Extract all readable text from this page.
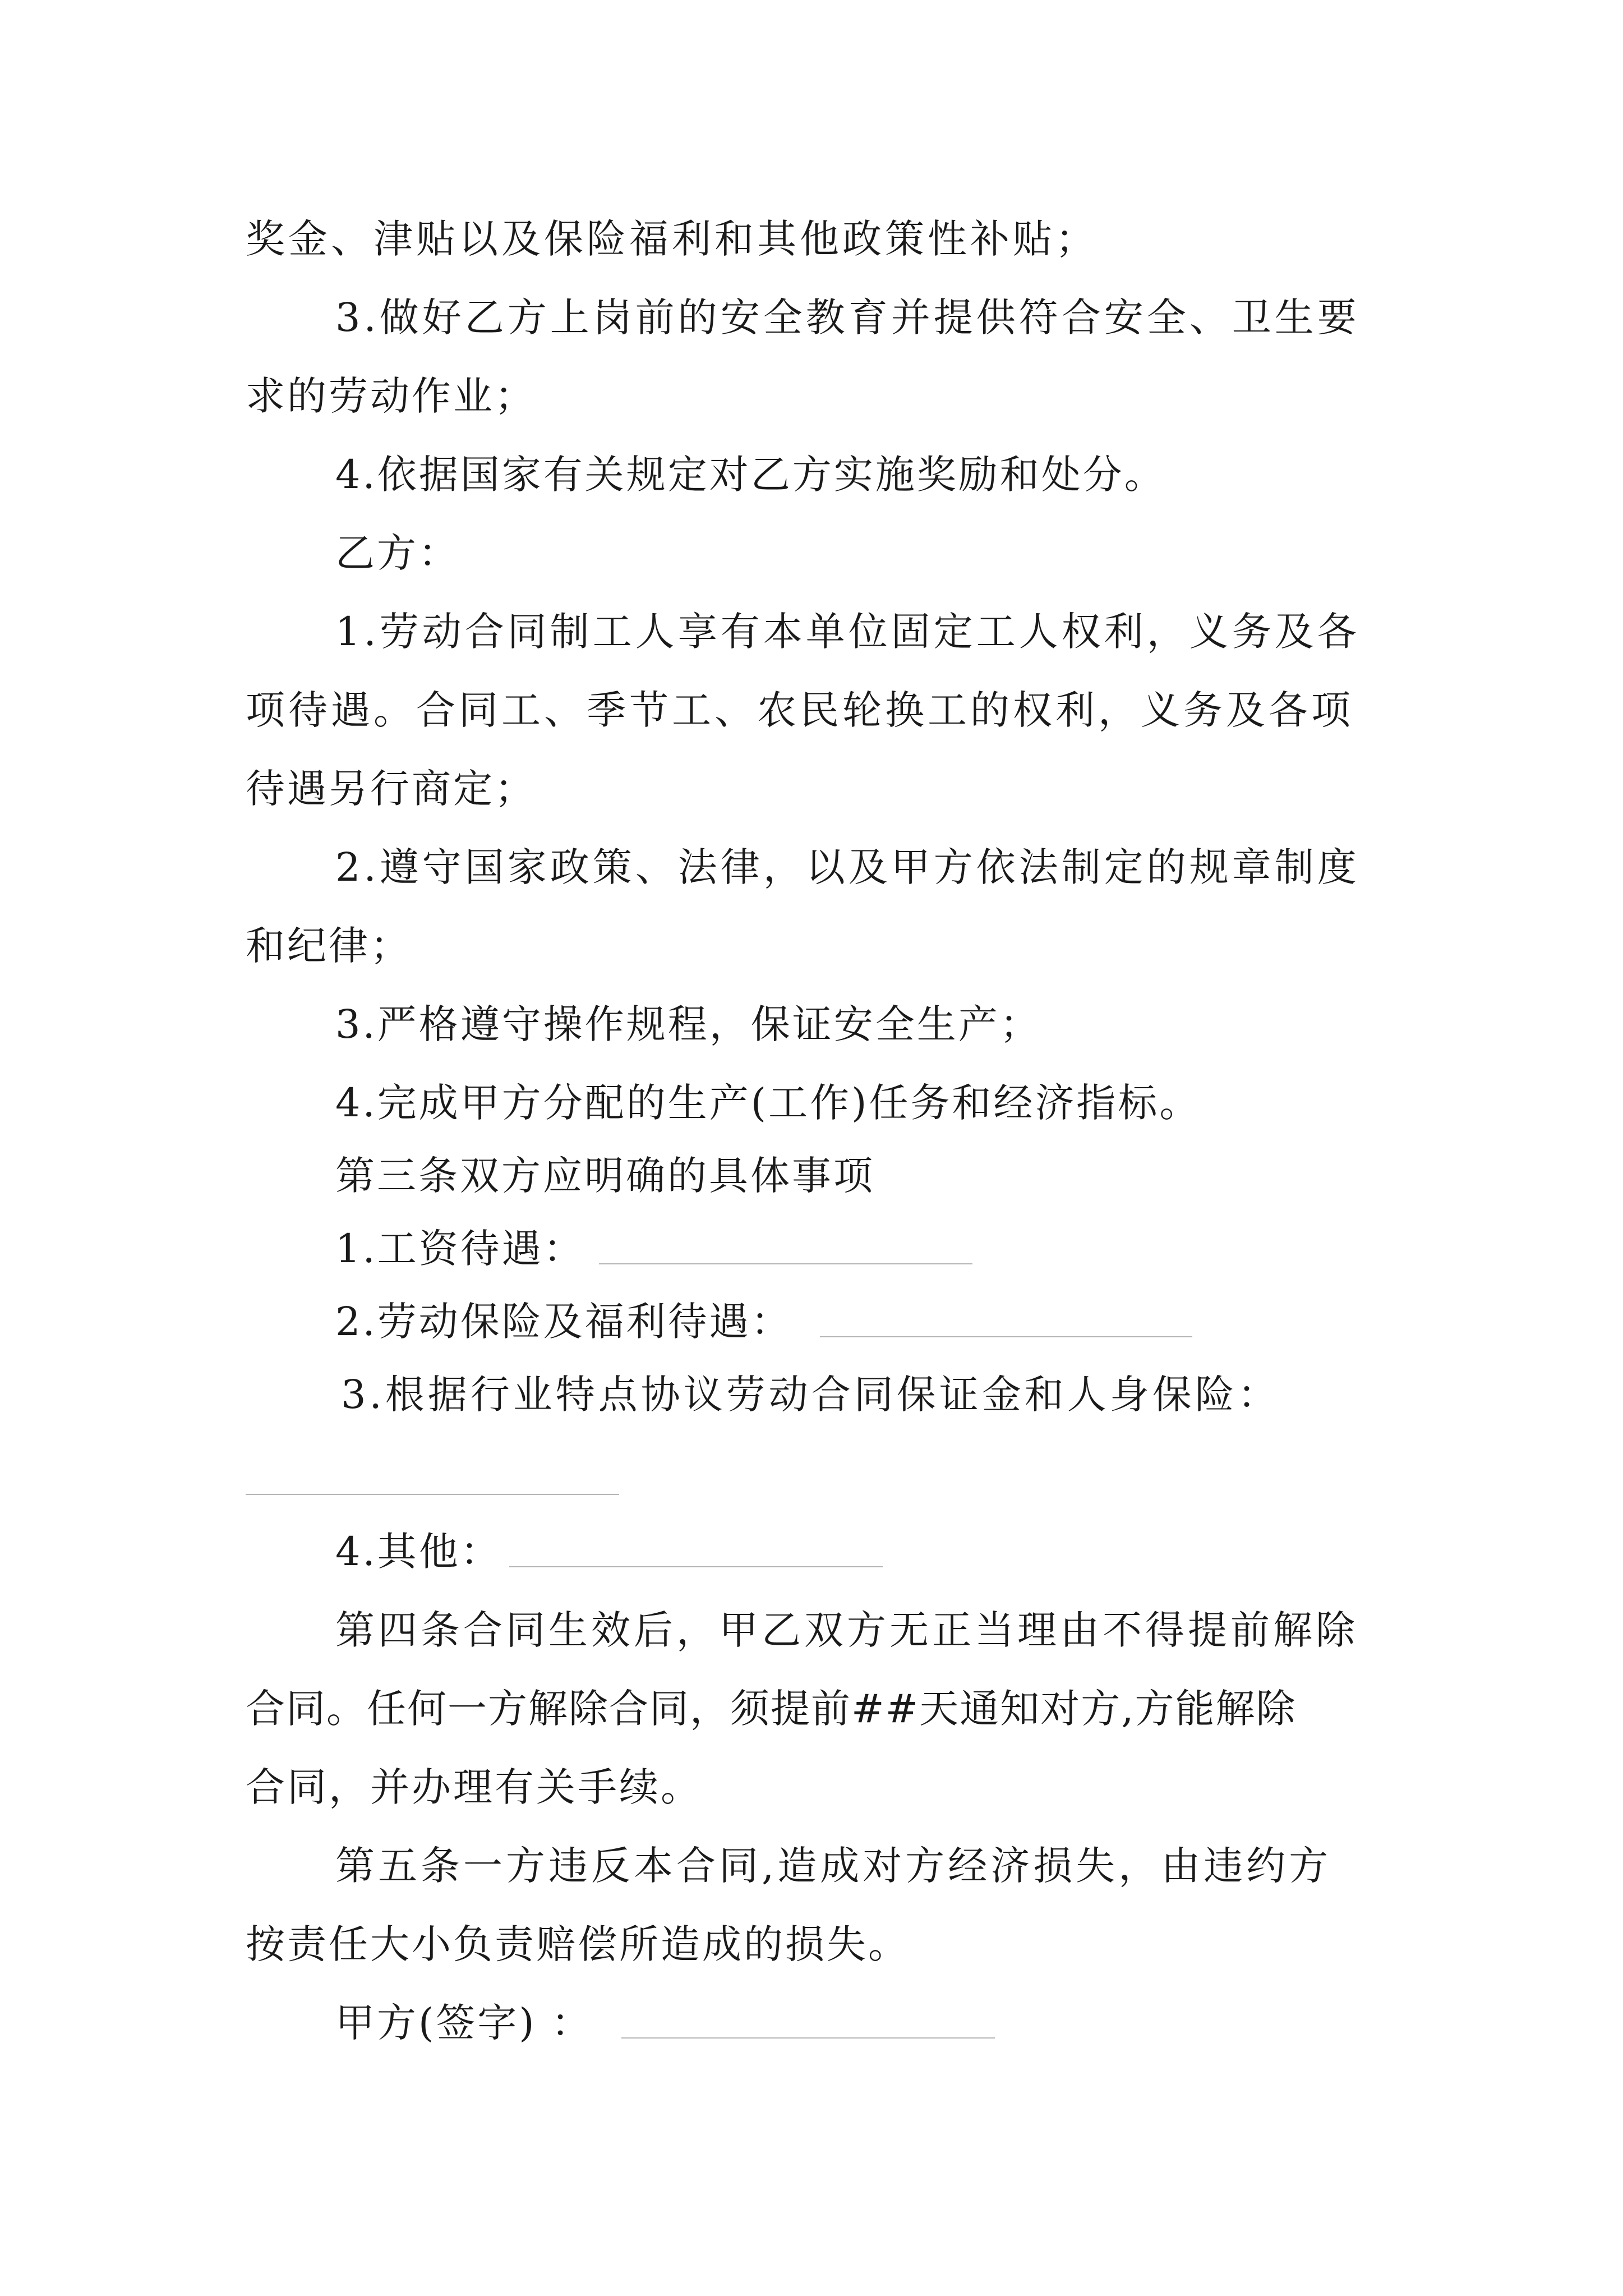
奖金、津贴以及保险福利和其他政策性补贴；
3.做好乙方上岗前的安全教育并提供符合安全、卫生要
求的劳动作业；
4.依据国家有关规定对乙方实施奖励和处分。
乙方：
1.劳动合同制工人享有本单位固定工人权利，义务及各
项待遇。合同工、季节工、农民轮换工的权利，义务及各项
待遇另行商定；
2.遵守国家政策、法律，以及甲方依法制定的规章制度
和纪律；
3.严格遵守操作规程，保证安全生产；
4.完成甲方分配的生产(工作)任务和经济指标。
第三条双方应明确的具体事项
1.工资待遇：
2.劳动保险及福利待遇：
3.根据行业特点协议劳动合同保证金和人身保险：
4.其他：
第四条合同生效后，甲乙双方无正当理由不得提前解除
合同。任何一方解除合同，须提前##天通知对方,方能解除
合同，并办理有关手续。
第五条一方违反本合同,造成对方经济损失，由违约方
按责任大小负责赔偿所造成的损失。
甲方(签字) ：
